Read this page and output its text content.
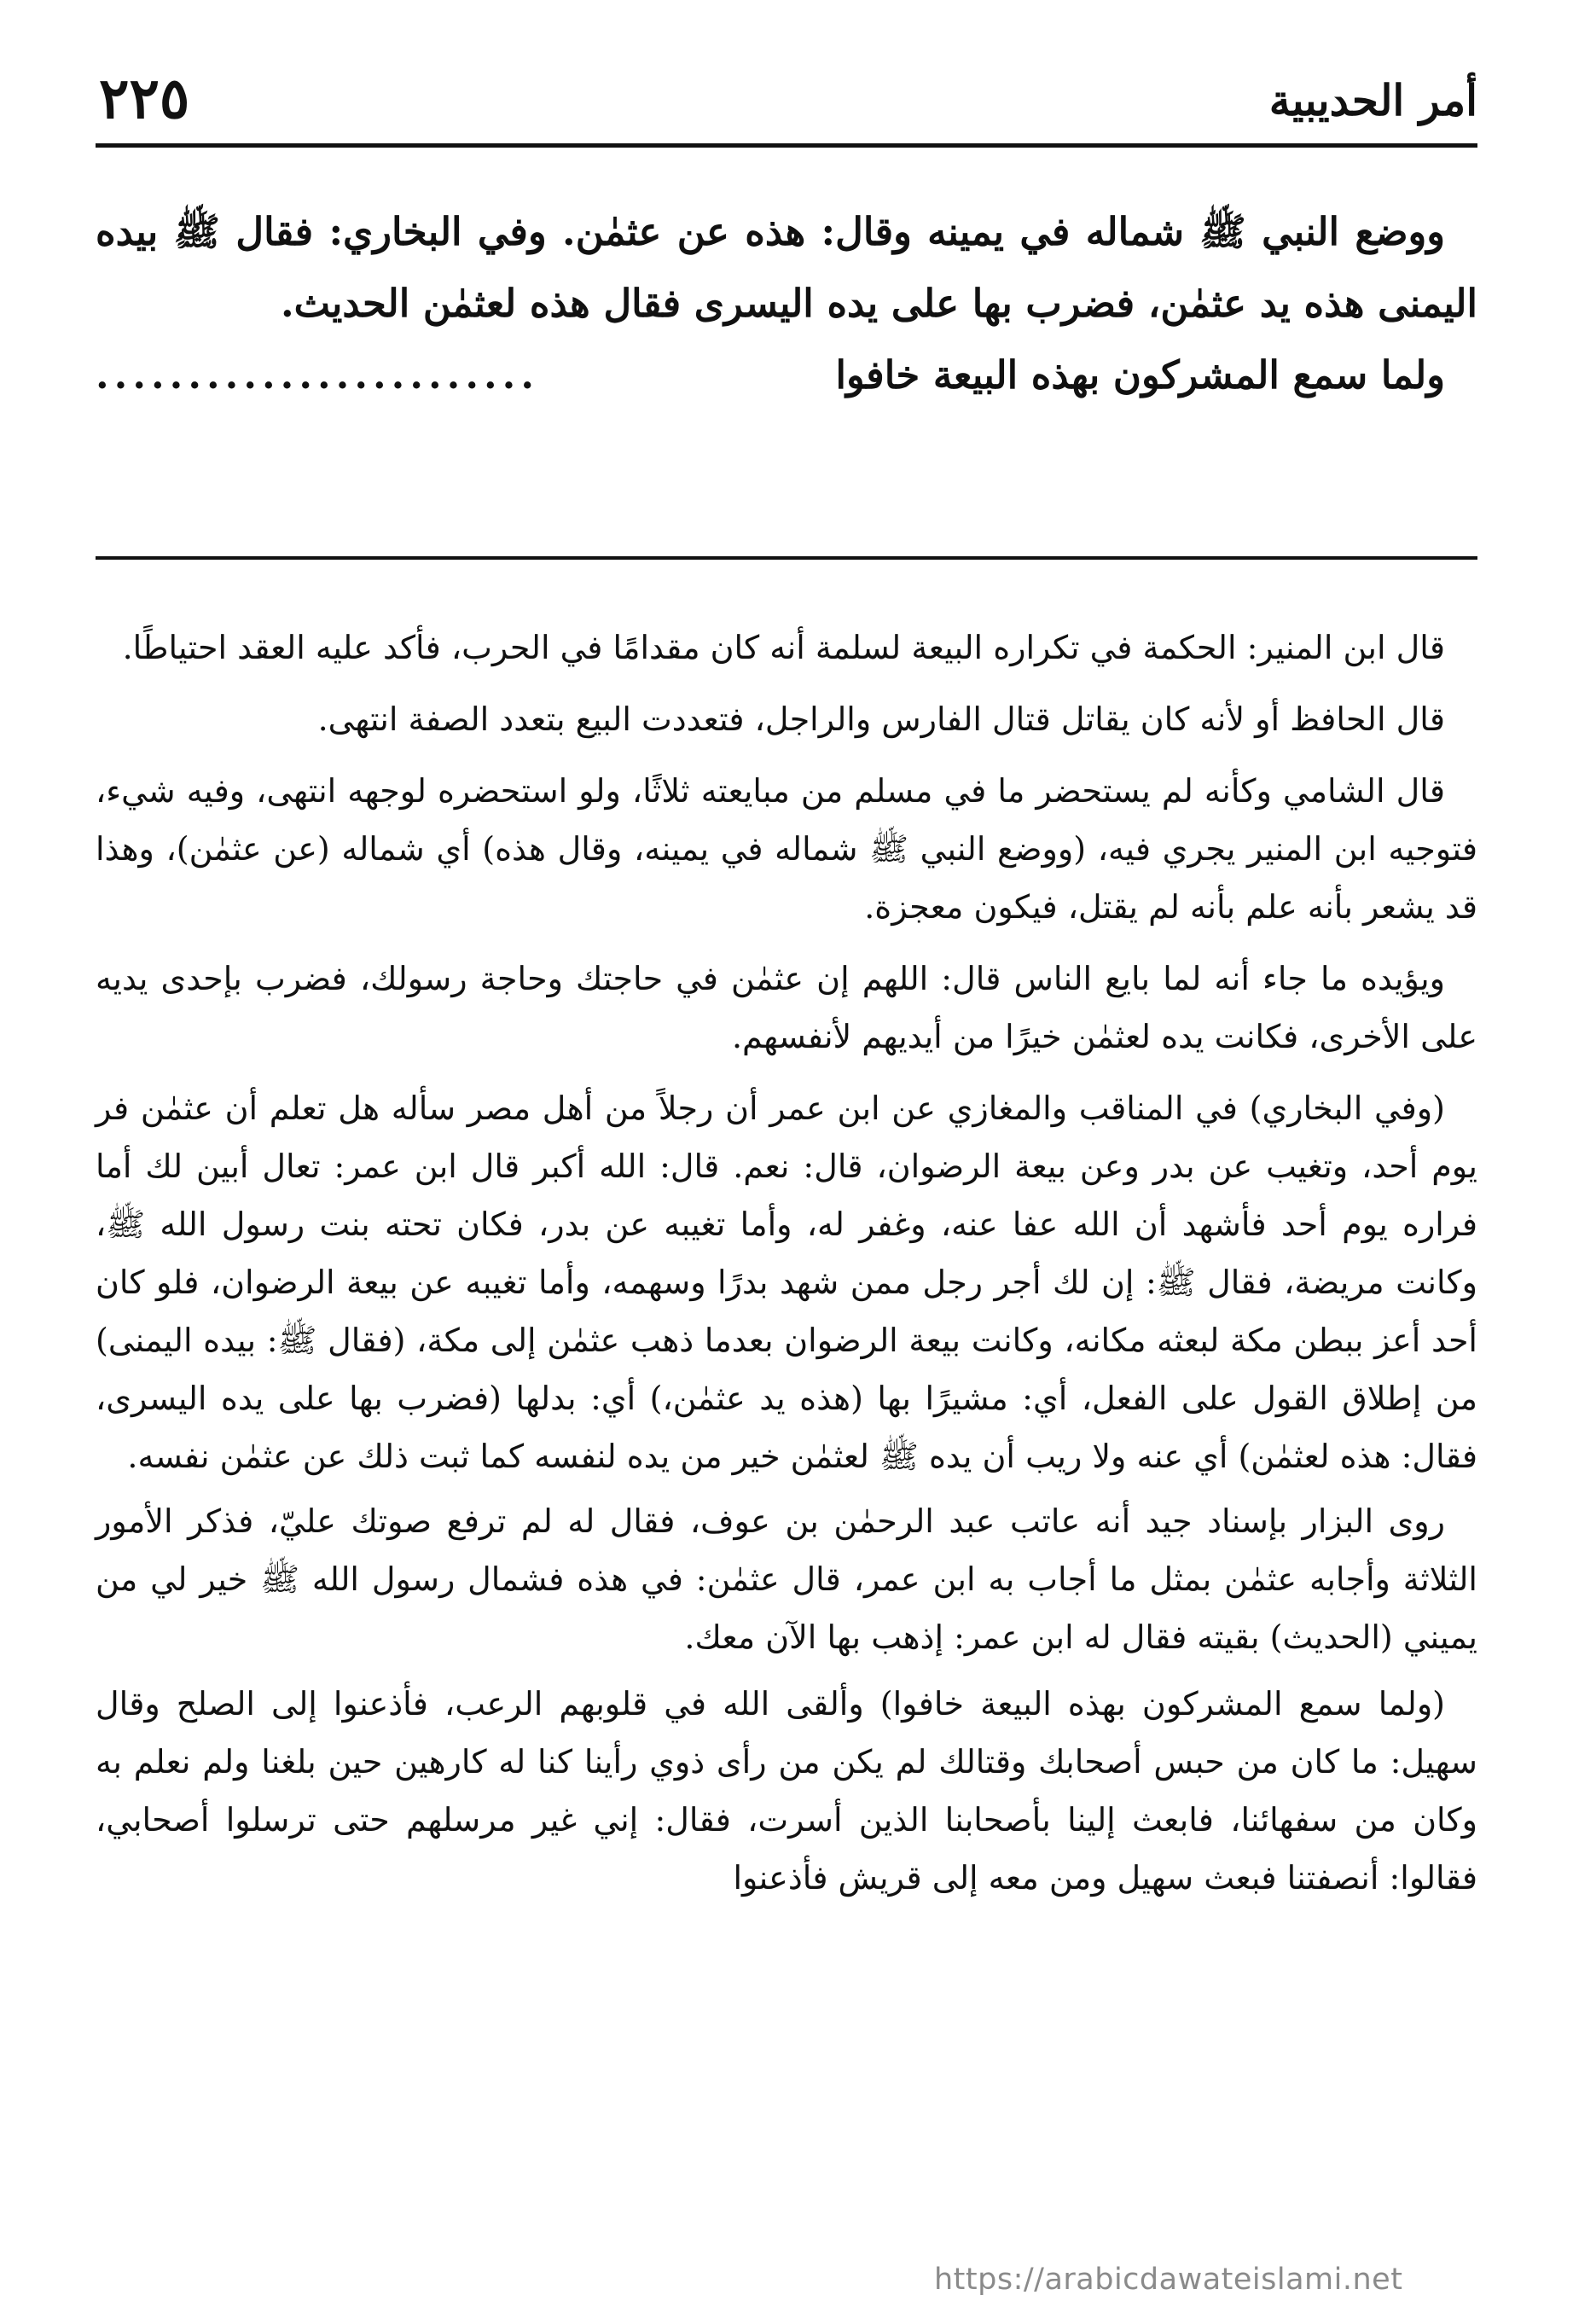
أمر الحديبية
٢٢٥

ووضع النبي ﷺ شماله في يمينه وقال: هذه عن عثمٰن. وفي البخاري: فقال ﷺ بيده اليمنى هذه يد عثمٰن، فضرب بها على يده اليسرى فقال هذه لعثمٰن الحديث.

ولما سمع المشركون بهذه البيعة خافوا
........................

قال ابن المنير: الحكمة في تكراره البيعة لسلمة أنه كان مقدامًا في الحرب، فأكد عليه العقد احتياطًا.

قال الحافظ أو لأنه كان يقاتل قتال الفارس والراجل، فتعددت البيع بتعدد الصفة انتهى.

قال الشامي وكأنه لم يستحضر ما في مسلم من مبايعته ثلاثًا، ولو استحضره لوجهه انتهى، وفيه شيء، فتوجيه ابن المنير يجري فيه، (ووضع النبي ﷺ شماله في يمينه، وقال هذه) أي شماله (عن عثمٰن)، وهذا قد يشعر بأنه علم بأنه لم يقتل، فيكون معجزة.

ويؤيده ما جاء أنه لما بايع الناس قال: اللهم إن عثمٰن في حاجتك وحاجة رسولك، فضرب بإحدى يديه على الأخرى، فكانت يده لعثمٰن خيرًا من أيديهم لأنفسهم.

(وفي البخاري) في المناقب والمغازي عن ابن عمر أن رجلاً من أهل مصر سأله هل تعلم أن عثمٰن فر يوم أحد، وتغيب عن بدر وعن بيعة الرضوان، قال: نعم. قال: الله أكبر قال ابن عمر: تعال أبين لك أما فراره يوم أحد فأشهد أن الله عفا عنه، وغفر له، وأما تغيبه عن بدر، فكان تحته بنت رسول الله ﷺ، وكانت مريضة، فقال ﷺ: إن لك أجر رجل ممن شهد بدرًا وسهمه، وأما تغيبه عن بيعة الرضوان، فلو كان أحد أعز ببطن مكة لبعثه مكانه، وكانت بيعة الرضوان بعدما ذهب عثمٰن إلى مكة، (فقال ﷺ: بيده اليمنى) من إطلاق القول على الفعل، أي: مشيرًا بها (هذه يد عثمٰن،) أي: بدلها (فضرب بها على يده اليسرى، فقال: هذه لعثمٰن) أي عنه ولا ريب أن يده ﷺ لعثمٰن خير من يده لنفسه كما ثبت ذلك عن عثمٰن نفسه.

روى البزار بإسناد جيد أنه عاتب عبد الرحمٰن بن عوف، فقال له لم ترفع صوتك عليّ، فذكر الأمور الثلاثة وأجابه عثمٰن بمثل ما أجاب به ابن عمر، قال عثمٰن: في هذه فشمال رسول الله ﷺ خير لي من يميني (الحديث) بقيته فقال له ابن عمر: إذهب بها الآن معك.

(ولما سمع المشركون بهذه البيعة خافوا) وألقى الله في قلوبهم الرعب، فأذعنوا إلى الصلح وقال سهيل: ما كان من حبس أصحابك وقتالك لم يكن من رأى ذوي رأينا كنا له كارهين حين بلغنا ولم نعلم به وكان من سفهائنا، فابعث إلينا بأصحابنا الذين أسرت، فقال: إني غير مرسلهم حتى ترسلوا أصحابي، فقالوا: أنصفتنا فبعث سهيل ومن معه إلى قريش فأذعنوا

https://arabicdawateislami.net
